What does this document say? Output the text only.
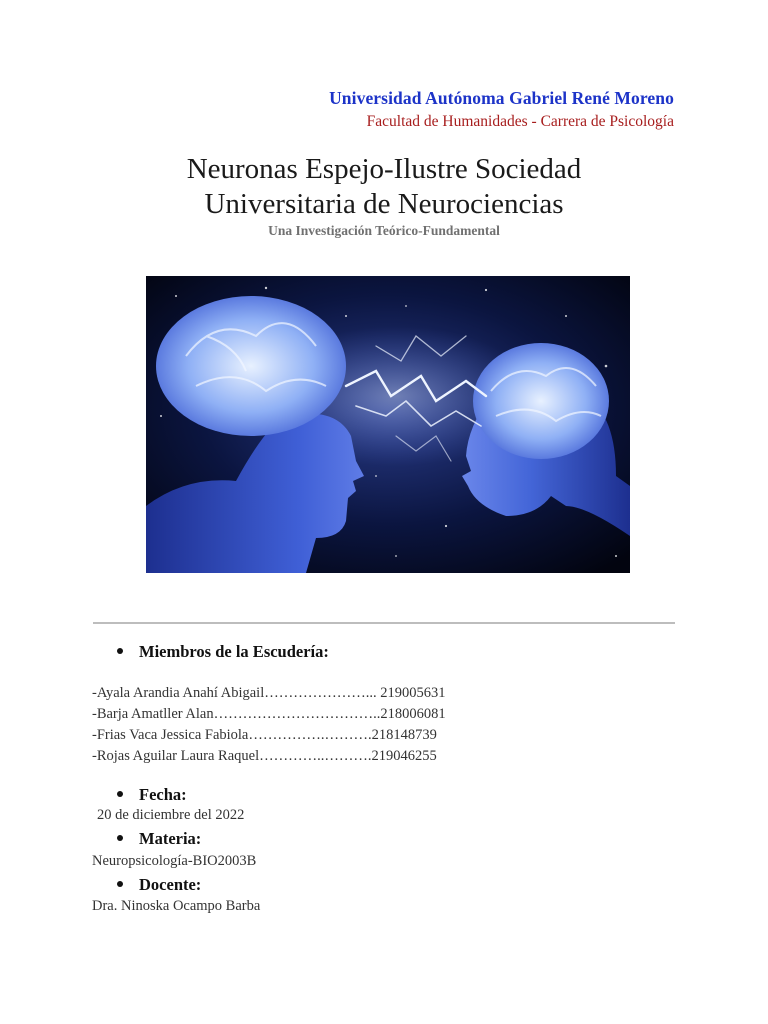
Universidad Autónoma Gabriel René Moreno
Facultad de Humanidades - Carrera de Psicología
Neuronas Espejo-Ilustre Sociedad
Universitaria de Neurociencias
Una Investigación Teórico-Fundamental
Miembros de la Escudería:
-Ayala Arandia Anahí Abigail…………………... 219005631
-Barja Amatller Alan……………………………..218006081
-Frias Vaca Jessica Fabiola…………….……….218148739
-Rojas Aguilar Laura Raquel…………..……….219046255
Fecha:
20 de diciembre del 2022
Materia:
Neuropsicología-BIO2003B
Docente:
Dra. Ninoska Ocampo Barba
